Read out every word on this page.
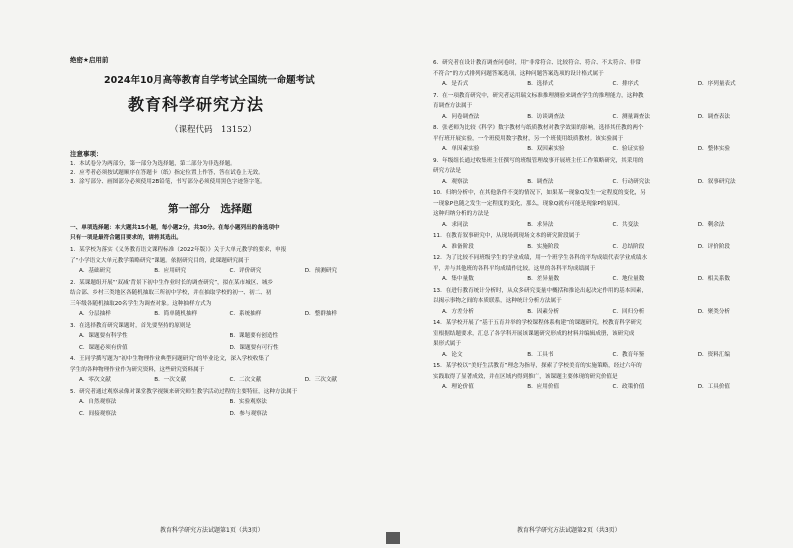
绝密★启用前
2024年10月高等教育自学考试全国统一命题考试
教育科学研究方法
（课程代码　13152）
注意事项：
1．本试卷分为两部分，第一部分为选择题，第二部分为非选择题。
2．应考者必须按试题顺序在答题卡（纸）指定位置上作答，答在试卷上无效。
3．涂写部分、画图部分必须使用2B铅笔，书写部分必须使用黑色字迹签字笔。
第一部分　选择题
一、单项选择题：本大题共15小题，每小题2分，共30分。在每小题列出的备选项中
只有一项是最符合题目要求的，请将其选出。
1．某学校为落实《义务教育语文课程标准（2022年版）》关于大单元教学的要求，申报
了“小学语文大单元教学策略研究”课题。依据研究目的，此课题研究属于
A．基础研究	B．应用研究	C．评价研究	D．预测研究
2．某课题组开展“‘双减’背景下初中生作业时长的调查研究”，拟在某市城区、城乡
结合部、乡村三类地区各随机抽取三所初中学校，并在抽取学校的初一、初二、初
三年级各随机抽取20名学生为调查对象。这种抽样方式为
A．分层抽样	B．简单随机抽样	C．系统抽样	D．整群抽样
3．在选择教育研究课题时，首先要坚持的原则是
A．课题要有科学性	B．课题要有创造性
C．课题必须有价值	D．课题要有可行性
4．王同学撰写题为“初中生物理作业典型问题研究”的毕业论文，深入学校收集了
学生的各种物理作业作为研究资料，这些研究资料属于
A．零次文献	B．一次文献	C．二次文献	D．三次文献
5．研究者通过观察录像对课堂教学视频来研究师生教学活动过程的主要特征，这种方法属于
A．自然观察法	B．实验观察法
C．间接观察法	D．参与观察法
教育科学研究方法试题第1页（共3页）
6．研究者在设计教育调查问卷时，用“非常符合、比较符合、符合、不太符合、非常
不符合”的方式排列问题答案选项，这种问题答案选项的设计格式属于
A．是否式	B．选择式	C．排序式	D．序列量表式
7．在一项教育研究中，研究者运用瑞文标准推理测验来调查学生的推理能力，这种教
育调查方法属于
A．问卷调查法	B．访谈调查法	C．测量调查法	D．调查表法
8．张老师为比较《科学》数字教材与纸质教材对教学效果的影响，选择其任教的两个
平行班开展实验，一个班使用数字教材，另一个班使用纸质教材。该实验属于
A．单因素实验	B．双因素实验	C．验证实验	D．整体实验
9．年级组长通过收集班主任撰写的班级管理故事开展班主任工作策略研究，其采用的
研究方法是
A．观察法	B．调查法	C．行动研究法	D．叙事研究法
10．归纳分析中，在其他条件不变的情况下，如果某一现象Q发生一定程度的变化，另
一现象P也随之发生一定程度的变化，那么，现象Q就有可能是现象P的原因。
这种归纳分析的方法是
A．求同法	B．求异法	C．共变法	D．剩余法
11．在教育叙事研究中，从现场到现场文本的研究阶段属于
A．准备阶段	B．实施阶段	C．总结阶段	D．评价阶段
12．为了比较不同班级学生的学业成绩，用一个班学生各科的平均成绩代表学业成绩水
平，并与其他班的各科平均成绩作比较。这里的各科平均成绩属于
A．集中量数	B．差异量数	C．地位量数	D．相关系数
13．在进行教育统计分析时，从众多研究变量中概括和推论出起决定作用的基本因素，
以揭示事物之间的本质联系，这种统计分析方法属于
A．方差分析	B．因素分析	C．回归分析	D．聚类分析
14．某学校开展了“基于五育并举的学校课程体系构建”的课题研究，校教育科学研究
室根据结题要求，汇总了各学科开展该课题研究形成的材料并编辑成册，该研究成
果形式属于
A．论文	B．工具书	C．教育年鉴	D．资料汇编
15．某学校以“美好生活教育”理念为指导，探索了学校美育的实施策略，经过六年的
实践取得了显著成效，并在区域内得到推广，该课题主要体现的研究价值是
A．理论价值	B．应用价值	C．政策价值	D．工具价值
教育科学研究方法试题第2页（共3页）
